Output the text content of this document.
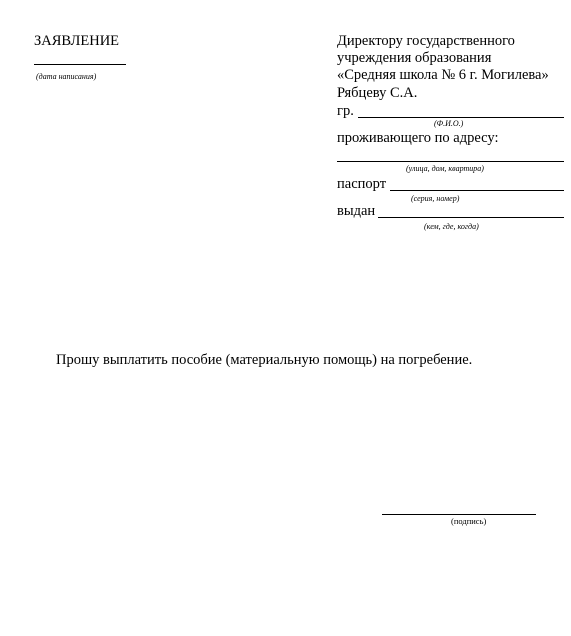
ЗАЯВЛЕНИЕ
(дата написания)
Директору государственного
учреждения образования
«Средняя школа № 6 г. Могилева»
Рябцеву С.А.
гр.
(Ф.И.О.)
проживающего по адресу:
(улица, дом, квартира)
паспорт
(серия, номер)
выдан
(кем, где, когда)
Прошу выплатить пособие (материальную помощь) на погребение.
(подпись)
